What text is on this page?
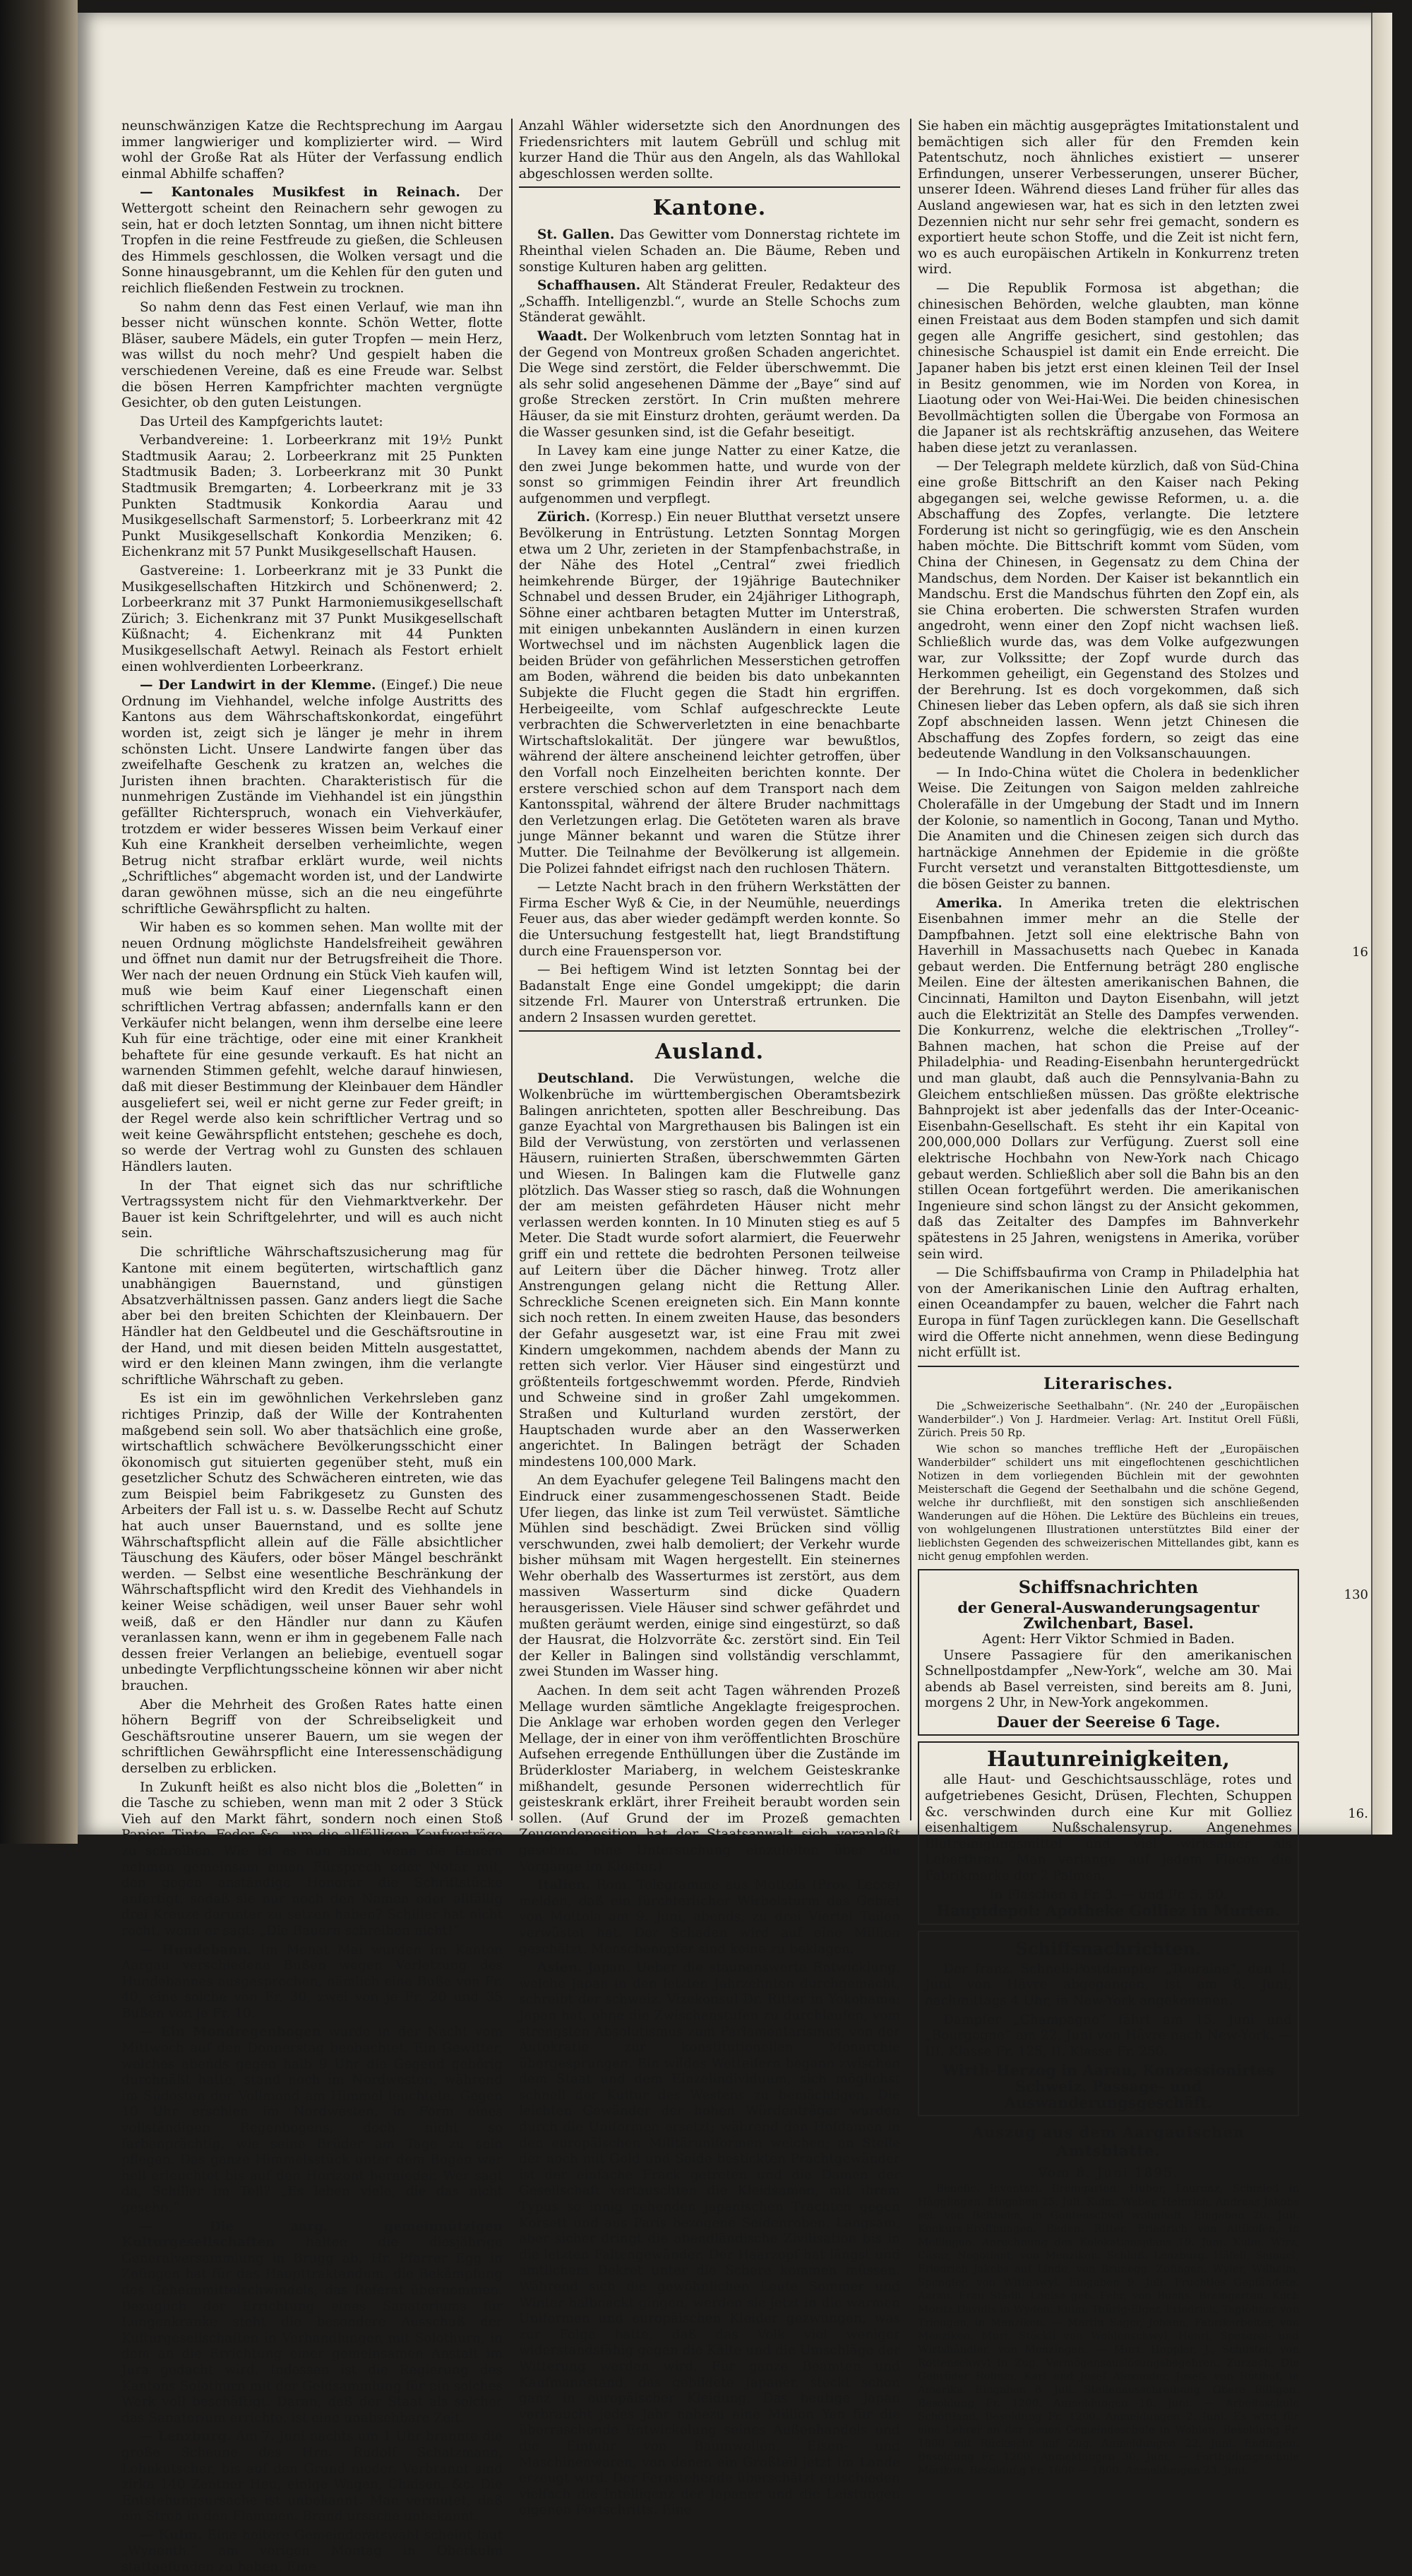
neunschwänzigen Katze die Rechtsprechung im Aargau immer langwieriger und komplizierter wird. — Wird wohl der Große Rat als Hüter der Verfassung endlich einmal Abhilfe schaffen?

— Kantonales Musikfest in Reinach. Der Wettergott scheint den Reinachern sehr gewogen zu sein, hat er doch letzten Sonntag, um ihnen nicht bittere Tropfen in die reine Festfreude zu gießen, die Schleusen des Himmels geschlossen, die Wolken versagt und die Sonne hinausgebrannt, um die Kehlen für den guten und reichlich fließenden Festwein zu trocknen.

So nahm denn das Fest einen Verlauf, wie man ihn besser nicht wünschen konnte. Schön Wetter, flotte Bläser, saubere Mädels, ein guter Tropfen — mein Herz, was willst du noch mehr? Und gespielt haben die verschiedenen Vereine, daß es eine Freude war. Selbst die bösen Herren Kampfrichter machten vergnügte Gesichter, ob den guten Leistungen.

Das Urteil des Kampfgerichts lautet:

Verbandvereine: 1. Lorbeerkranz mit 19½ Punkt Stadtmusik Aarau; 2. Lorbeerkranz mit 25 Punkten Stadtmusik Baden; 3. Lorbeerkranz mit 30 Punkt Stadtmusik Bremgarten; 4. Lorbeerkranz mit je 33 Punkten Stadtmusik Konkordia Aarau und Musikgesellschaft Sarmenstorf; 5. Lorbeerkranz mit 42 Punkt Musikgesellschaft Konkordia Menziken; 6. Eichenkranz mit 57 Punkt Musikgesellschaft Hausen.

Gastvereine: 1. Lorbeerkranz mit je 33 Punkt die Musikgesellschaften Hitzkirch und Schönenwerd; 2. Lorbeerkranz mit 37 Punkt Harmoniemusikgesellschaft Zürich; 3. Eichenkranz mit 37 Punkt Musikgesellschaft Küßnacht; 4. Eichenkranz mit 44 Punkten Musikgesellschaft Aetwyl. Reinach als Festort erhielt einen wohlverdienten Lorbeerkranz.

— Der Landwirt in der Klemme. (Eingef.) Die neue Ordnung im Viehhandel, welche infolge Austritts des Kantons aus dem Währschaftskonkordat, eingeführt worden ist, zeigt sich je länger je mehr in ihrem schönsten Licht. Unsere Landwirte fangen über das zweifelhafte Geschenk zu kratzen an, welches die Juristen ihnen brachten. Charakteristisch für die nunmehrigen Zustände im Viehhandel ist ein jüngsthin gefällter Richterspruch, wonach ein Viehverkäufer, trotzdem er wider besseres Wissen beim Verkauf einer Kuh eine Krankheit derselben verheimlichte, wegen Betrug nicht strafbar erklärt wurde, weil nichts „Schriftliches“ abgemacht worden ist, und der Landwirte daran gewöhnen müsse, sich an die neu eingeführte schriftliche Gewährspflicht zu halten.

Wir haben es so kommen sehen. Man wollte mit der neuen Ordnung möglichste Handelsfreiheit gewähren und öffnet nun damit nur der Betrugsfreiheit die Thore. Wer nach der neuen Ordnung ein Stück Vieh kaufen will, muß wie beim Kauf einer Liegenschaft einen schriftlichen Vertrag abfassen; andernfalls kann er den Verkäufer nicht belangen, wenn ihm derselbe eine leere Kuh für eine trächtige, oder eine mit einer Krankheit behaftete für eine gesunde verkauft. Es hat nicht an warnenden Stimmen gefehlt, welche darauf hinwiesen, daß mit dieser Bestimmung der Kleinbauer dem Händler ausgeliefert sei, weil er nicht gerne zur Feder greift; in der Regel werde also kein schriftlicher Vertrag und so weit keine Gewährspflicht entstehen; geschehe es doch, so werde der Vertrag wohl zu Gunsten des schlauen Händlers lauten.

In der That eignet sich das nur schriftliche Vertragssystem nicht für den Viehmarktverkehr. Der Bauer ist kein Schriftgelehrter, und will es auch nicht sein.

Die schriftliche Währschaftszusicherung mag für Kantone mit einem begüterten, wirtschaftlich ganz unabhängigen Bauernstand, und günstigen Absatzverhältnissen passen. Ganz anders liegt die Sache aber bei den breiten Schichten der Kleinbauern. Der Händler hat den Geldbeutel und die Geschäftsroutine in der Hand, und mit diesen beiden Mitteln ausgestattet, wird er den kleinen Mann zwingen, ihm die verlangte schriftliche Währschaft zu geben.

Es ist ein im gewöhnlichen Verkehrsleben ganz richtiges Prinzip, daß der Wille der Kontrahenten maßgebend sein soll. Wo aber thatsächlich eine große, wirtschaftlich schwächere Bevölkerungsschicht einer ökonomisch gut situierten gegenüber steht, muß ein gesetzlicher Schutz des Schwächeren eintreten, wie das zum Beispiel beim Fabrikgesetz zu Gunsten des Arbeiters der Fall ist u. s. w. Dasselbe Recht auf Schutz hat auch unser Bauernstand, und es sollte jene Währschaftspflicht allein auf die Fälle absichtlicher Täuschung des Käufers, oder böser Mängel beschränkt werden. — Selbst eine wesentliche Beschränkung der Währschaftspflicht wird den Kredit des Viehhandels in keiner Weise schädigen, weil unser Bauer sehr wohl weiß, daß er den Händler nur dann zu Käufen veranlassen kann, wenn er ihm in gegebenem Falle nach dessen freier Verlangen an beliebige, eventuell sogar unbedingte Verpflichtungsscheine können wir aber nicht brauchen.

Aber die Mehrheit des Großen Rates hatte einen höhern Begriff von der Schreibseligkeit und Geschäftsroutine unserer Bauern, um sie wegen der schriftlichen Gewährspflicht eine Interessenschädigung derselben zu erblicken.

In Zukunft heißt es also nicht blos die „Boletten“ in die Tasche zu schieben, wenn man mit 2 oder 3 Stück Vieh auf den Markt fährt, sondern noch einen Stoß Papier, Tinte, Feder &c., um die allfälligen Kaufverträge zu schreiben. Wie ist es nun aber, wenn die Bauern nehmen gemeinsam einen Fürsprech oder Notar mit, den gegen anständige Honorar die Schriftstücke anfertigt, sodaß sie nur noch den Namen oder allfällig drei Kreuze darunter zu setzen haben? Schiller hat nicht recht, wenn er sagt: „Die Bauern schreiben nicht!“

— Hundebann. Im Monat Mai wurden im Kanton Aargau verschiedene Bußen wegen Verletzung des Hundebannes ausgesprochen, nämlich eine Buße von Fr. 40, eine solche von Fr. 30, zwei von je Fr. 20 und 35 Bußen von je Fr. 10.

— Ein Mondregenbogen wurde in der Nacht vom Mittwoch auf den Donnerstag beobachtet. Ein Gewitter, welches abends gegen halb 9 Uhr die Gegend gehörig durchnäßt hatte, stand noch im Nordwesten, während im Südosten der Vollmond am Himmel leuchtete. Gegen 10 Uhr erschien im Nordwesten, in Form eines vollständigen Regenbogens, doch nicht so farbenprächtig, wie seine Brüder am Tage zu sein pflegen. Das ganze Himmelsstück unter dem Bogen war hell erleuchtet bis auf den Horizont hernieder. Wer sagt da, Schiller im Tell? „Es leben viele, die das nicht gesehn.“

— Die aarg. gemeinnützigen Kulturgesellschaften halten die diesjährige Generalversammlung in Brugg ab. Hr. Pfarrer Egg in Zofingen hat für das Haupttraktandum, die Bekämpfung des Geheimmittelschwindels, das Referat übernommen. Bezüglich der Errichtung eines Sanatoriums für Lungenkranke steht die besondere Ausschuß der Kulturgesellschaften in Verhandlungen mit Solothurn, in dem an die Errichtung einer gemeinsamen Anstalt im Jura gedacht wird. Indessen ist die Regierung des Kantons Solothurn mit der Geldsammlung für ein solches Werk voll beschäftigt. Daran, daß der Staat als solcher das Sanatorium errichte, ist eine unabsehbare Zeit.

— Lenzburg. Am 7. Juni nachts um 1 Uhr brannte die große Scheune des Hrn. Rudolf Schatzmann, Lohnkutscher, bis auf den Grund nieder. Verbrannt sind zirka 140 Zentner Heu, einige Wagen, Chaisen, &c. Die Entstehungsursache ist unbekannt. Man vermutet, daß ein Stroh in den Flammen. Brand ursache unbekannt.

— Kulm. Eine heitere Gemeinderatswahl scheint laut „Wynenth.“ am vorigen Montag in Oberkulm stattgefunden zu haben. Eine

Anzahl Wähler widersetzte sich den Anordnungen des Friedensrichters mit lautem Gebrüll und schlug mit kurzer Hand die Thür aus den Angeln, als das Wahllokal abgeschlossen werden sollte.

Kantone.

St. Gallen. Das Gewitter vom Donnerstag richtete im Rheinthal vielen Schaden an. Die Bäume, Reben und sonstige Kulturen haben arg gelitten.

Schaffhausen. Alt Ständerat Freuler, Redakteur des „Schaffh. Intelligenzbl.“, wurde an Stelle Schochs zum Ständerat gewählt.

Waadt. Der Wolkenbruch vom letzten Sonntag hat in der Gegend von Montreux großen Schaden angerichtet. Die Wege sind zerstört, die Felder überschwemmt. Die als sehr solid angesehenen Dämme der „Baye“ sind auf große Strecken zerstört. In Crin mußten mehrere Häuser, da sie mit Einsturz drohten, geräumt werden. Da die Wasser gesunken sind, ist die Gefahr beseitigt.

In Lavey kam eine junge Natter zu einer Katze, die den zwei Junge bekommen hatte, und wurde von der sonst so grimmigen Feindin ihrer Art freundlich aufgenommen und verpflegt.

Zürich. (Korresp.) Ein neuer Blutthat versetzt unsere Bevölkerung in Entrüstung. Letzten Sonntag Morgen etwa um 2 Uhr, zerieten in der Stampfenbachstraße, in der Nähe des Hotel „Central“ zwei friedlich heimkehrende Bürger, der 19jährige Bautechniker Schnabel und dessen Bruder, ein 24jähriger Lithograph, Söhne einer achtbaren betagten Mutter im Unterstraß, mit einigen unbekannten Ausländern in einen kurzen Wortwechsel und im nächsten Augenblick lagen die beiden Brüder von gefährlichen Messerstichen getroffen am Boden, während die beiden bis dato unbekannten Subjekte die Flucht gegen die Stadt hin ergriffen. Herbeigeeilte, vom Schlaf aufgeschreckte Leute verbrachten die Schwerverletzten in eine benachbarte Wirtschaftslokalität. Der jüngere war bewußtlos, während der ältere anscheinend leichter getroffen, über den Vorfall noch Einzelheiten berichten konnte. Der erstere verschied schon auf dem Transport nach dem Kantonsspital, während der ältere Bruder nachmittags den Verletzungen erlag. Die Getöteten waren als brave junge Männer bekannt und waren die Stütze ihrer Mutter. Die Teilnahme der Bevölkerung ist allgemein. Die Polizei fahndet eifrigst nach den ruchlosen Thätern.

— Letzte Nacht brach in den frühern Werkstätten der Firma Escher Wyß & Cie, in der Neumühle, neuerdings Feuer aus, das aber wieder gedämpft werden konnte. So die Untersuchung festgestellt hat, liegt Brandstiftung durch eine Frauensperson vor.

— Bei heftigem Wind ist letzten Sonntag bei der Badanstalt Enge eine Gondel umgekippt; die darin sitzende Frl. Maurer von Unterstraß ertrunken. Die andern 2 Insassen wurden gerettet.

Ausland.

Deutschland. Die Verwüstungen, welche die Wolkenbrüche im württembergischen Oberamtsbezirk Balingen anrichteten, spotten aller Beschreibung. Das ganze Eyachtal von Margrethausen bis Balingen ist ein Bild der Verwüstung, von zerstörten und verlassenen Häusern, ruinierten Straßen, überschwemmten Gärten und Wiesen. In Balingen kam die Flutwelle ganz plötzlich. Das Wasser stieg so rasch, daß die Wohnungen der am meisten gefährdeten Häuser nicht mehr verlassen werden konnten. In 10 Minuten stieg es auf 5 Meter. Die Stadt wurde sofort alarmiert, die Feuerwehr griff ein und rettete die bedrohten Personen teilweise auf Leitern über die Dächer hinweg. Trotz aller Anstrengungen gelang nicht die Rettung Aller. Schreckliche Scenen ereigneten sich. Ein Mann konnte sich noch retten. In einem zweiten Hause, das besonders der Gefahr ausgesetzt war, ist eine Frau mit zwei Kindern umgekommen, nachdem abends der Mann zu retten sich verlor. Vier Häuser sind eingestürzt und größtenteils fortgeschwemmt worden. Pferde, Rindvieh und Schweine sind in großer Zahl umgekommen. Straßen und Kulturland wurden zerstört, der Hauptschaden wurde aber an den Wasserwerken angerichtet. In Balingen beträgt der Schaden mindestens 100,000 Mark.

An dem Eyachufer gelegene Teil Balingens macht den Eindruck einer zusammengeschossenen Stadt. Beide Ufer liegen, das linke ist zum Teil verwüstet. Sämtliche Mühlen sind beschädigt. Zwei Brücken sind völlig verschwunden, zwei halb demoliert; der Verkehr wurde bisher mühsam mit Wagen hergestellt. Ein steinernes Wehr oberhalb des Wasserturmes ist zerstört, aus dem massiven Wasserturm sind dicke Quadern herausgerissen. Viele Häuser sind schwer gefährdet und mußten geräumt werden, einige sind eingestürzt, so daß der Hausrat, die Holzvorräte &c. zerstört sind. Ein Teil der Keller in Balingen sind vollständig verschlammt, zwei Stunden im Wasser hing.

Aachen. In dem seit acht Tagen währenden Prozeß Mellage wurden sämtliche Angeklagte freigesprochen. Die Anklage war erhoben worden gegen den Verleger Mellage, der in einer von ihm veröffentlichten Broschüre Aufsehen erregende Enthüllungen über die Zustände im Brüderkloster Mariaberg, in welchem Geisteskranke mißhandelt, gesunde Personen widerrechtlich für geisteskrank erklärt, ihrer Freiheit beraubt worden sein sollen. (Auf Grund der im Prozeß gemachten Zeugendeposition hat der Staatsanwalt sich veranlaßt gesehen, eine Untersuchung einzuleiten über die Vorgänge im Kloster.)

Italien. Rom. Telegramme aus Mottola (Prov. Lecce) melden, daß ein fürchterlicher Wirbelsturm das Gebiet von Mottola am 9. Juni, abends, zu drei Viertel Teilen verwüstet hat. Der Schaden wird auf eine Million geschätzt. Menschenopfer sind keine zu beklagen.

Asien. Japan. Ueber die staunenswerte Entwicklung, welche Japan in den letzten Jahrzehnten durchgemacht, schreibt der schweiz. Vizekonsul Dr. Ritter in Yokohama: Japan hat, ohne die Zwischenstufen zu durchlaufen, vom strengsten Absolutismus zum Parlamentarismus, von der Autokratie zur konstitutionellen Monarchie übergesprungen. Ein wildes Wetteifern begann zwischen dem Staat und dem Einzelindividuum, sich möglichst schnell der Kultur des Westens zu bemächtigen. Die leichten Gewänder der hohen Würdenträger wurden durch die Uniformen ersetzt; während den Hofdamen in den europäischen Militäruniformen weichen; an Stelle der noch mit Gold und Seide bestickten Prachtgewänder ist der einfache Frack getreten und die Damen der Gesellschaft vertauschten die Kleidsamen, mit ihrem Typus so innig gehenden japanischen Trachten gegen Korsett und aus Paris bezogene Seidenroben. Langsam, aber sicher dringt die abendländische Zivilisation bis in die letzten Faltengewänder. Der Haarzopf hat längst und amtlichem Dekret unter die Schere kommen müssen. Während sich die gewöhnlichen Leute Sommer und Winter halbnackt gingen, werden sie jetzt in die warmen Uniformen und europäischen Kleider gezwungen, was zur Folge hatte, daß das Volk viel weniger widerstandsfähig gegen die Kälte und die Umschläge der Witterung werden wird. Für ganze Beamten und Kaufmannstand, das gebildete Japaner, steckt schon ganz in europäischer Kleidung. Das heutige Japan verbraucht jedes Jahr nahezu eine Million Yen für die überraschende Entwickelung seines Außenhandels und die Einfuhr von Baumwollen, Eisen- und Maschinenwaren, von denen ein Großteil jetzt im Lande erzeugt wird. Der Fernstehende überschätzt entschieden vielfach die Intelligenz der Japaner und die Leistungen eigenen Fortschritts. Eine

Sie haben ein mächtig ausgeprägtes Imitationstalent und bemächtigen sich aller für den Fremden kein Patentschutz, noch ähnliches existiert — unserer Erfindungen, unserer Verbesserungen, unserer Bücher, unserer Ideen. Während dieses Land früher für alles das Ausland angewiesen war, hat es sich in den letzten zwei Dezennien nicht nur sehr sehr frei gemacht, sondern es exportiert heute schon Stoffe, und die Zeit ist nicht fern, wo es auch europäischen Artikeln in Konkurrenz treten wird.

— Die Republik Formosa ist abgethan; die chinesischen Behörden, welche glaubten, man könne einen Freistaat aus dem Boden stampfen und sich damit gegen alle Angriffe gesichert, sind gestohlen; das chinesische Schauspiel ist damit ein Ende erreicht. Die Japaner haben bis jetzt erst einen kleinen Teil der Insel in Besitz genommen, wie im Norden von Korea, in Liaotung oder von Wei-Hai-Wei. Die beiden chinesischen Bevollmächtigten sollen die Übergabe von Formosa an die Japaner ist als rechtskräftig anzusehen, das Weitere haben diese jetzt zu veranlassen.

— Der Telegraph meldete kürzlich, daß von Süd-China eine große Bittschrift an den Kaiser nach Peking abgegangen sei, welche gewisse Reformen, u. a. die Abschaffung des Zopfes, verlangte. Die letztere Forderung ist nicht so geringfügig, wie es den Anschein haben möchte. Die Bittschrift kommt vom Süden, vom China der Chinesen, in Gegensatz zu dem China der Mandschus, dem Norden. Der Kaiser ist bekanntlich ein Mandschu. Erst die Mandschus führten den Zopf ein, als sie China eroberten. Die schwersten Strafen wurden angedroht, wenn einer den Zopf nicht wachsen ließ. Schließlich wurde das, was dem Volke aufgezwungen war, zur Volkssitte; der Zopf wurde durch das Herkommen geheiligt, ein Gegenstand des Stolzes und der Berehrung. Ist es doch vorgekommen, daß sich Chinesen lieber das Leben opfern, als daß sie sich ihren Zopf abschneiden lassen. Wenn jetzt Chinesen die Abschaffung des Zopfes fordern, so zeigt das eine bedeutende Wandlung in den Volksanschauungen.

— In Indo-China wütet die Cholera in bedenklicher Weise. Die Zeitungen von Saigon melden zahlreiche Cholerafälle in der Umgebung der Stadt und im Innern der Kolonie, so namentlich in Gocong, Tanan und Mytho. Die Anamiten und die Chinesen zeigen sich durch das hartnäckige Annehmen der Epidemie in die größte Furcht versetzt und veranstalten Bittgottesdienste, um die bösen Geister zu bannen.

Amerika. In Amerika treten die elektrischen Eisenbahnen immer mehr an die Stelle der Dampfbahnen. Jetzt soll eine elektrische Bahn von Haverhill in Massachusetts nach Quebec in Kanada gebaut werden. Die Entfernung beträgt 280 englische Meilen. Eine der ältesten amerikanischen Bahnen, die Cincinnati, Hamilton und Dayton Eisenbahn, will jetzt auch die Elektrizität an Stelle des Dampfes verwenden. Die Konkurrenz, welche die elektrischen „Trolley“-Bahnen machen, hat schon die Preise auf der Philadelphia- und Reading-Eisenbahn heruntergedrückt und man glaubt, daß auch die Pennsylvania-Bahn zu Gleichem entschließen müssen. Das größte elektrische Bahnprojekt ist aber jedenfalls das der Inter-Oceanic-Eisenbahn-Gesellschaft. Es steht ihr ein Kapital von 200,000,000 Dollars zur Verfügung. Zuerst soll eine elektrische Hochbahn von New-York nach Chicago gebaut werden. Schließlich aber soll die Bahn bis an den stillen Ocean fortgeführt werden. Die amerikanischen Ingenieure sind schon längst zu der Ansicht gekommen, daß das Zeitalter des Dampfes im Bahnverkehr spätestens in 25 Jahren, wenigstens in Amerika, vorüber sein wird.

— Die Schiffsbaufirma von Cramp in Philadelphia hat von der Amerikanischen Linie den Auftrag erhalten, einen Oceandampfer zu bauen, welcher die Fahrt nach Europa in fünf Tagen zurücklegen kann. Die Gesellschaft wird die Offerte nicht annehmen, wenn diese Bedingung nicht erfüllt ist.

Literarisches.

Die „Schweizerische Seethalbahn“. (Nr. 240 der „Europäischen Wanderbilder“.) Von J. Hardmeier. Verlag: Art. Institut Orell Füßli, Zürich. Preis 50 Rp.

Wie schon so manches treffliche Heft der „Europäischen Wanderbilder“ schildert uns mit eingeflochtenen geschichtlichen Notizen in dem vorliegenden Büchlein mit der gewohnten Meisterschaft die Gegend der Seethalbahn und die schöne Gegend, welche ihr durchfließt, mit den sonstigen sich anschließenden Wanderungen auf die Höhen. Die Lektüre des Büchleins ein treues, von wohlgelungenen Illustrationen unterstütztes Bild einer der lieblichsten Gegenden des schweizerischen Mittellandes gibt, kann es nicht genug empfohlen werden.

Schiffsnachrichten
der General-Auswanderungsagentur Zwilchenbart, Basel.
Agent: Herr Viktor Schmied in Baden.

Unsere Passagiere für den amerikanischen Schnellpostdampfer „New-York“, welche am 30. Mai abends ab Basel verreisten, sind bereits am 8. Juni, morgens 2 Uhr, in New-York angekommen.

Dauer der Seereise 6 Tage.
Hautunreinigkeiten,

alle Haut- und Geschichtsausschläge, rotes und aufgetriebenes Gesicht, Drüsen, Flechten, Schuppen &c. verschwinden durch eine Kur mit Golliez eisenhaltigem Nußschalensyrup. Angenehmes Blutreinigungsmittel und viel wirksamer als Leberthran. Man verlange auf jedem Flacon die Fabrikmarke der 2 Palmen.

In Flaschen à Fr. 3. — und Fr. 5. 50.
Hauptdepot: Apotheke Golliez in Murten.
Schiffsnachrichten.

Der franz. Schnell-Postdampfer „Touraine“, den 1. Juni von Hâvre abgegangen, ist am 8. Juni, nachmittags 4 Uhr, in New-York angekommen.

Dampfer „Champagne“ fährt am 15. Juni und „Bourgogne“ am 22. Juni von Hâvre nach New-York. — III. Klasse Fr. 125, II. Klasse Fr. 250.

Wirth-Herzog in Aarau, Konzessionirtes Schweiz. Passage- und Auswanderungsgeschäft.
Auszug aus dem Aargauischen Amtsblatte.
Vom 8. Juni 1895.

Benefic. Inventari. Bremgarten. Huber, Laurenz, Schmied in Hägglingen. Eingaben 25. Juli. Kulm. Weber, Heinrich, Andreas Jakobs sel. von Beltheim, in Gontenschwil wohnhaft. Eingaben 20. Juli. Konkurs-Eröffnungen. Baden. Ritter, Friedrich von Altikofen, in Mellingen. Anrechnung des Kolokationsplans 19. Juni. Kulm. Wirz, Cäsar, Negotiant, von Menziken. Schluß. Lenzburg. Häfeli, Samuel, Friedrich Jakobs auf Linde, von Brunegg. Zofingen. Wyler, Wilhelm, Spengler, von Wittenwyl. Eingaben 9. Juli. Fruchtlos Gepfändete. Aarau. Frau Städli, Louise geb. Fehr, von Buchs. Bremgarten. Koch Moritz Davidis in Wyden. Kulm. Thürig-Eiger, Friedrich, Taglöhner von Triengen, in Menziken. — Martin Sager, Johann, Fabrikarbeiter, von Menziken. Muri. Stöckli von Wohlenschwyl, Henri, Spezerei- und Wirtshändler, von Menzingen. — Muri. Hoppler, J., Schuster, von Rottenschwyl in Zug. Vermögensauslösungsbegehren. Zurzach. Die Gebrüder Rohner, Karl und Josef Alexander, Josefs von Rütihof, in Amerika. Eingaben 8. Juli. Stellenausschreibung. Obere Billigen. Besoldung Fr. 1200. Anmeldungen 16. Juni. — Arbeitsschule Schöftland. Besoldung Fr. 1200. Anmeldungen 2. Juni. Es wird für eine Lehrer an der neuen Gemeindeschule in Wohlen. Besoldung Fr. 1800 mit Rücksicht auf Zug. Anmeldungen 22. Juni. Endingen. Besoldung Fr. 1200. Anmeldungen 30. Juni. — Fortbildungsschule Mörikon. Besoldung Fr. 1600 — 1800. Anmeldungen 23. Juni.

16
130
16.
